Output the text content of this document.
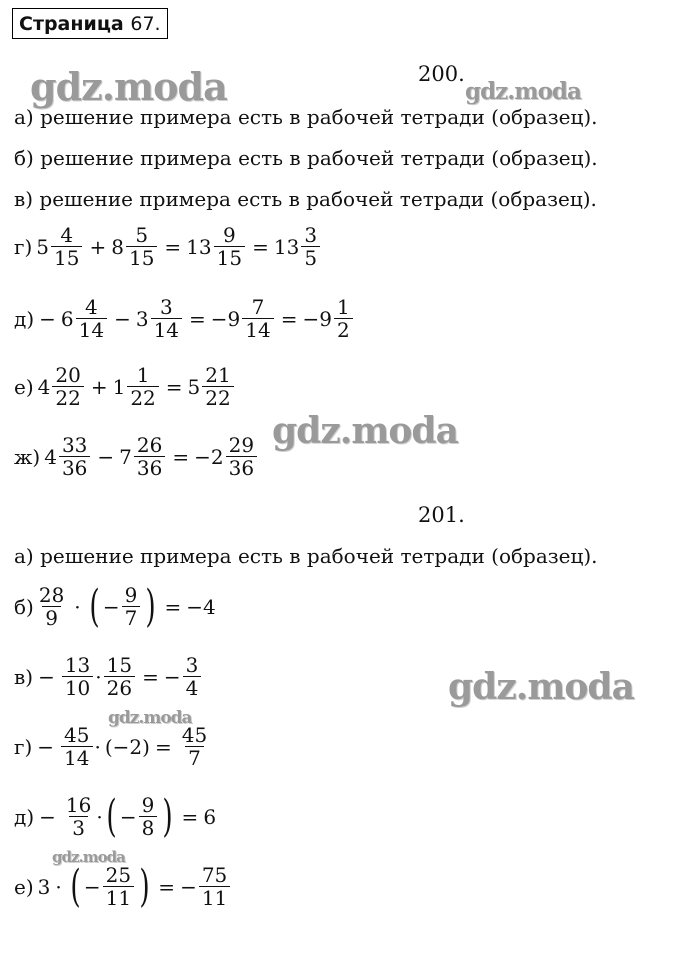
Страница 67.
gdz.moda	gdz.moda
gdz.moda
gdz.moda
gdz.moda
gdz.moda
200.
а) решение примера есть в рабочей тетради (образец).
б) решение примера есть в рабочей тетради (образец).
в) решение примера есть в рабочей тетради (образец).
г) $5 \frac{4}{15} + 8 \frac{5}{15} = 13 \frac{9}{15} = 13 \frac{3}{5}$
$д) - 6 \frac{4}{14} - 3 \frac{3}{14} = -9 \frac{7}{14} = -9 \frac{1}{2}$
е) $4 \frac{20}{22} + 1 \frac{1}{22} = 5 \frac{21}{22}$
ж) $4 \frac{33}{36} - 7 \frac{26}{36} = -2 \frac{29}{36}$
201.
а) решение примера есть в рабочей тетради (образец).
$б) \frac{28}{9}$ · ( − $\frac{9}{7}$ ) = −4
$в) - \frac{13}{10} \cdot \frac{15}{26}$ = − $\frac{3}{4}$
$г) - \frac{45}{14} \cdot (-2) = \frac{45}{7}$
$д) - \frac{16}{3}$ · ( − $\frac{9}{8}$ ) = 6
е) 3 · ( − $\frac{25}{11}$ ) = − $\frac{75}{11}$
